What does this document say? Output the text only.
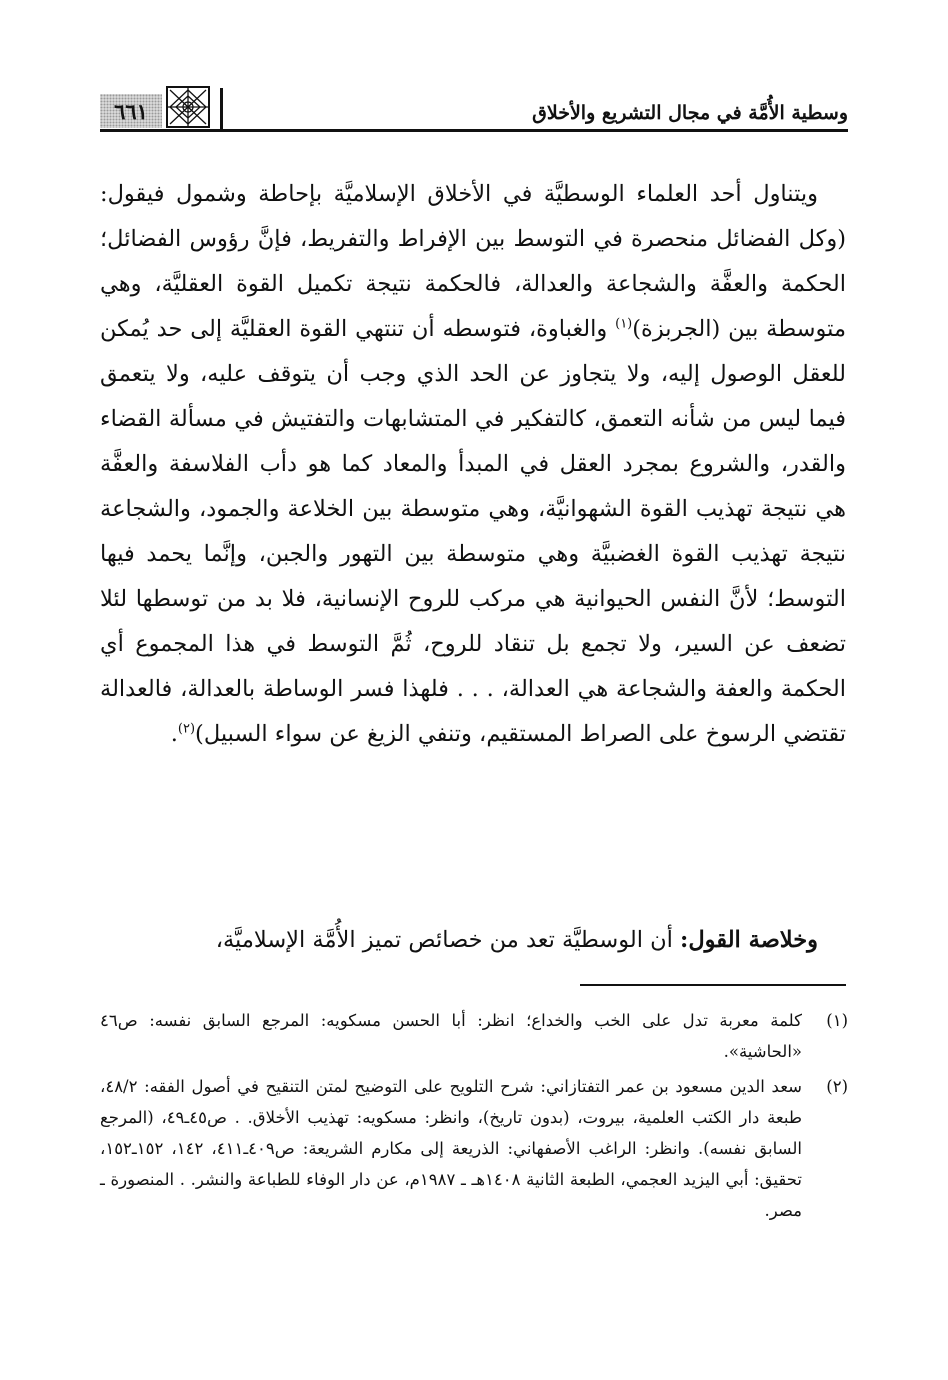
وسطية الأُمَّة في مجال التشريع والأخلاق
٦٦١

ويتناول أحد العلماء الوسطيَّة في الأخلاق الإسلاميَّة بإحاطة وشمول فيقول: (وكل الفضائل منحصرة في التوسط بين الإفراط والتفريط، فإنَّ رؤوس الفضائل؛ الحكمة والعفَّة والشجاعة والعدالة، فالحكمة نتيجة تكميل القوة العقليَّة، وهي متوسطة بين (الجربزة)$^{(١)}$ والغباوة، فتوسطه أن تنتهي القوة العقليَّة إلى حد يُمكن للعقل الوصول إليه، ولا يتجاوز عن الحد الذي وجب أن يتوقف عليه، ولا يتعمق فيما ليس من شأنه التعمق، كالتفكير في المتشابهات والتفتيش في مسألة القضاء والقدر، والشروع بمجرد العقل في المبدأ والمعاد كما هو دأب الفلاسفة والعفَّة هي نتيجة تهذيب القوة الشهوانيَّة، وهي متوسطة بين الخلاعة والجمود، والشجاعة نتيجة تهذيب القوة الغضبيَّة وهي متوسطة بين التهور والجبن، وإنَّما يحمد فيها التوسط؛ لأنَّ النفس الحيوانية هي مركب للروح الإنسانية، فلا بد من توسطها لئلا تضعف عن السير، ولا تجمع بل تنقاد للروح، ثُمَّ التوسط في هذا المجموع أي الحكمة والعفة والشجاعة هي العدالة، . . . فلهذا فسر الوساطة بالعدالة، فالعدالة تقتضي الرسوخ على الصراط المستقيم، وتنفي الزيغ عن سواء السبيل)$^{(٢)}$.

وخلاصة القول: أن الوسطيَّة تعد من خصائص تميز الأُمَّة الإسلاميَّة،
(١)
كلمة معربة تدل على الخب والخداع؛ انظر: أبا الحسن مسكويه: المرجع السابق نفسه: ص٤٦ «الحاشية».
(٢)
سعد الدين مسعود بن عمر التفتازاني: شرح التلويح على التوضيح لمتن التنقيح في أصول الفقه: ٤٨/٢، طبعة دار الكتب العلمية، بيروت، (بدون تاريخ)، وانظر: مسكويه: تهذيب الأخلاق. . ص٤٥ـ٤٩، (المرجع السابق نفسه). وانظر: الراغب الأصفهاني: الذريعة إلى مكارم الشريعة: ص٤٠٩ـ٤١١، ١٤٢، ١٥٢ـ١٥٢، تحقيق: أبي اليزيد العجمي، الطبعة الثانية ١٤٠٨هـ ـ ١٩٨٧م، عن دار الوفاء للطباعة والنشر. . المنصورة ـ مصر.
